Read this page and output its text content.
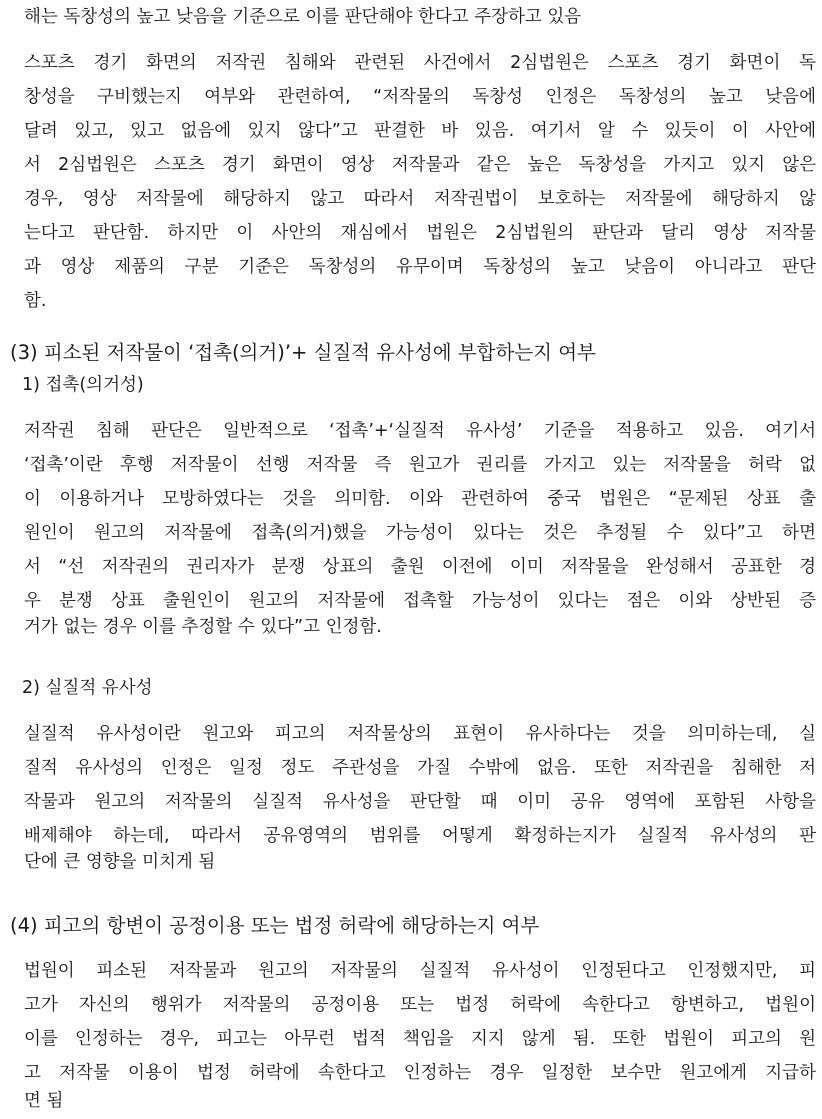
해는 독창성의 높고 낮음을 기준으로 이를 판단해야 한다고 주장하고 있음
스포츠 경기 화면의 저작권 침해와 관련된 사건에서 2심법원은 스포츠 경기 화면이 독
창성을 구비했는지 여부와 관련하여, “저작물의 독창성 인정은 독창성의 높고 낮음에
달려 있고, 있고 없음에 있지 않다”고 판결한 바 있음. 여기서 알 수 있듯이 이 사안에
서 2심법원은 스포츠 경기 화면이 영상 저작물과 같은 높은 독창성을 가지고 있지 않은
경우, 영상 저작물에 해당하지 않고 따라서 저작권법이 보호하는 저작물에 해당하지 않
는다고 판단함. 하지만 이 사안의 재심에서 법원은 2심법원의 판단과 달리 영상 저작물
과 영상 제품의 구분 기준은 독창성의 유무이며 독창성의 높고 낮음이 아니라고 판단
함.
(3) 피소된 저작물이 ‘접촉(의거)’+ 실질적 유사성에 부합하는지 여부
1) 접촉(의거성)
저작권 침해 판단은 일반적으로 ‘접촉’+‘실질적 유사성’ 기준을 적용하고 있음. 여기서
‘접촉’이란 후행 저작물이 선행 저작물 즉 원고가 권리를 가지고 있는 저작물을 허락 없
이 이용하거나 모방하였다는 것을 의미함. 이와 관련하여 중국 법원은 “문제된 상표 출
원인이 원고의 저작물에 접촉(의거)했을 가능성이 있다는 것은 추정될 수 있다”고 하면
서 “선 저작권의 권리자가 분쟁 상표의 출원 이전에 이미 저작물을 완성해서 공표한 경
우 분쟁 상표 출원인이 원고의 저작물에 접촉할 가능성이 있다는 점은 이와 상반된 증
거가 없는 경우 이를 추정할 수 있다”고 인정함.
2) 실질적 유사성
실질적 유사성이란 원고와 피고의 저작물상의 표현이 유사하다는 것을 의미하는데, 실
질적 유사성의 인정은 일정 정도 주관성을 가질 수밖에 없음. 또한 저작권을 침해한 저
작물과 원고의 저작물의 실질적 유사성을 판단할 때 이미 공유 영역에 포함된 사항을
배제해야 하는데, 따라서 공유영역의 범위를 어떻게 확정하는지가 실질적 유사성의 판
단에 큰 영향을 미치게 됨
(4) 피고의 항변이 공정이용 또는 법정 허락에 해당하는지 여부
법원이 피소된 저작물과 원고의 저작물의 실질적 유사성이 인정된다고 인정했지만, 피
고가 자신의 행위가 저작물의 공정이용 또는 법정 허락에 속한다고 항변하고, 법원이
이를 인정하는 경우, 피고는 아무런 법적 책임을 지지 않게 됨. 또한 법원이 피고의 원
고 저작물 이용이 법정 허락에 속한다고 인정하는 경우 일정한 보수만 원고에게 지급하
면 됨
